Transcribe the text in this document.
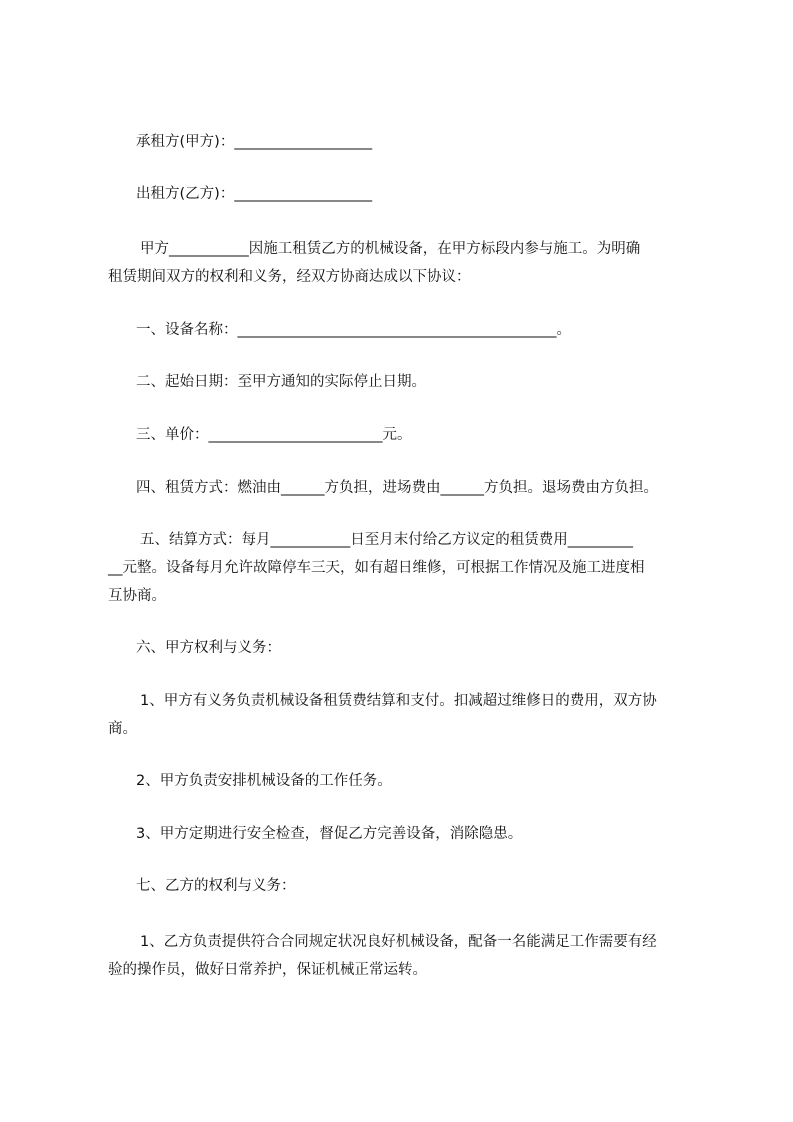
承租方(甲方)：___________________
出租方(乙方)：___________________
甲方___________因施工租赁乙方的机械设备，在甲方标段内参与施工。为明确
租赁期间双方的权利和义务，经双方协商达成以下协议：
一、设备名称：____________________________________________。
二、起始日期：至甲方通知的实际停止日期。
三、单价：________________________元。
四、租赁方式：燃油由______方负担，进场费由______方负担。退场费由方负担。
五、结算方式：每月___________日至月末付给乙方议定的租赁费用_________
__元整。设备每月允许故障停车三天，如有超日维修，可根据工作情况及施工进度相
互协商。
六、甲方权利与义务：
1、甲方有义务负责机械设备租赁费结算和支付。扣减超过维修日的费用，双方协
商。
2、甲方负责安排机械设备的工作任务。
3、甲方定期进行安全检查，督促乙方完善设备，消除隐患。
七、乙方的权利与义务：
1、乙方负责提供符合合同规定状况良好机械设备，配备一名能满足工作需要有经
验的操作员，做好日常养护，保证机械正常运转。
